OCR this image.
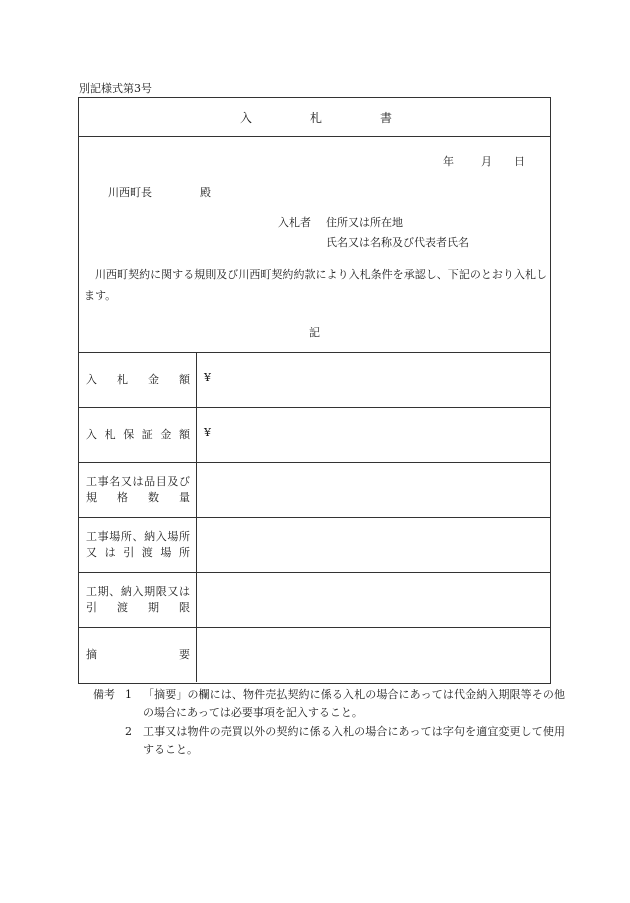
別記様式第3号
入	札	書
年 月 日
川西町長	殿
入札者 住所又は所在地
氏名又は名称及び代表者氏名
川西町契約に関する規則及び川西町契約約款により入札条件を承認し、下記のとおり入札します。
記
入　札　金　額 ¥
入札保証金額 ¥
工事名又は品目及び
規　格　数　量
工事場所、納入場所
又は引渡場所
工期、納入期限又は
引　渡　期　限
摘　　　要
備考 1	「摘要」の欄には、物件売払契約に係る入札の場合にあっては代金納入期限等その他の場合にあっては必要事項を記入すること。
2	工事又は物件の売買以外の契約に係る入札の場合にあっては字句を適宜変更して使用すること。
